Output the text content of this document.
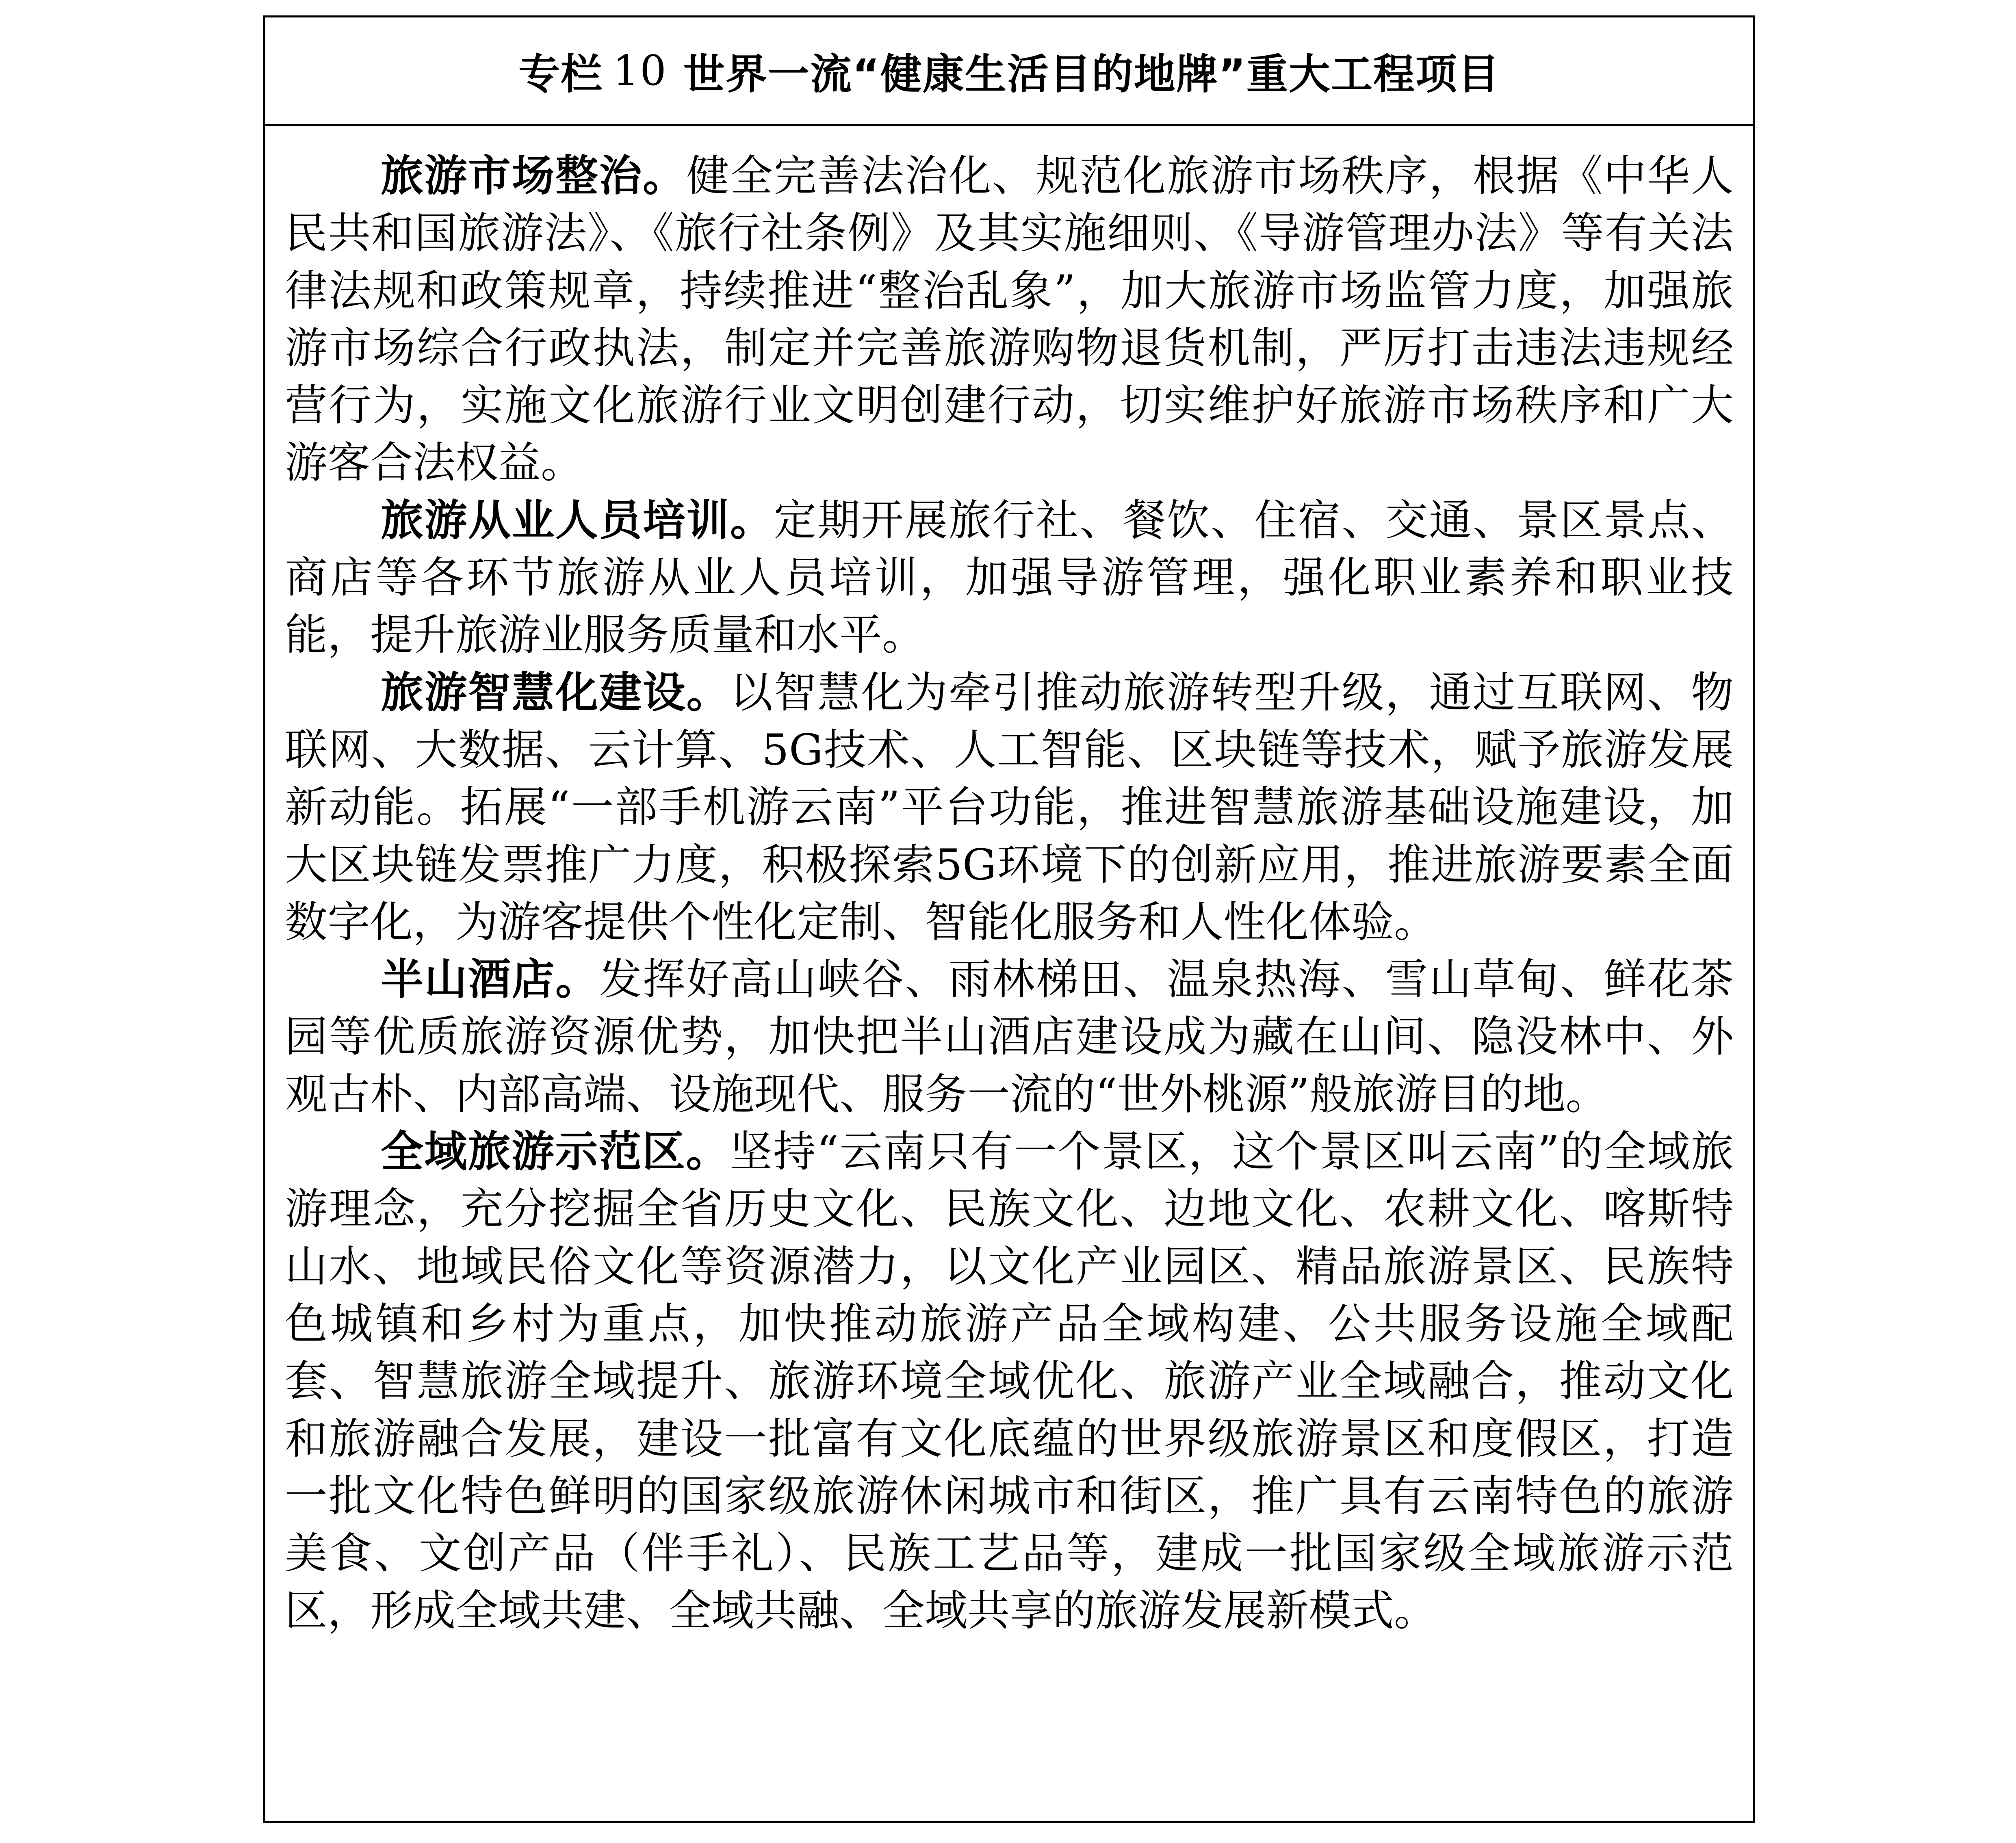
专栏 10 世界一流“健康生活目的地牌”重大工程项目

旅游市场整治。健全完善法治化、规范化旅游市场秩序，根据《中华人民共和国旅游法》、《旅行社条例》及其实施细则、《导游管理办法》等有关法律法规和政策规章，持续推进“整治乱象”，加大旅游市场监管力度，加强旅游市场综合行政执法，制定并完善旅游购物退货机制，严厉打击违法违规经营行为，实施文化旅游行业文明创建行动，切实维护好旅游市场秩序和广大游客合法权益。

旅游从业人员培训。定期开展旅行社、餐饮、住宿、交通、景区景点、商店等各环节旅游从业人员培训，加强导游管理，强化职业素养和职业技能，提升旅游业服务质量和水平。

旅游智慧化建设。以智慧化为牵引推动旅游转型升级，通过互联网、物联网、大数据、云计算、5G技术、人工智能、区块链等技术，赋予旅游发展新动能。拓展“一部手机游云南”平台功能，推进智慧旅游基础设施建设，加大区块链发票推广力度，积极探索5G环境下的创新应用，推进旅游要素全面数字化，为游客提供个性化定制、智能化服务和人性化体验。

半山酒店。发挥好高山峡谷、雨林梯田、温泉热海、雪山草甸、鲜花茶园等优质旅游资源优势，加快把半山酒店建设成为藏在山间、隐没林中、外观古朴、内部高端、设施现代、服务一流的“世外桃源”般旅游目的地。

全域旅游示范区。坚持“云南只有一个景区，这个景区叫云南”的全域旅游理念，充分挖掘全省历史文化、民族文化、边地文化、农耕文化、喀斯特山水、地域民俗文化等资源潜力，以文化产业园区、精品旅游景区、民族特色城镇和乡村为重点，加快推动旅游产品全域构建、公共服务设施全域配套、智慧旅游全域提升、旅游环境全域优化、旅游产业全域融合，推动文化和旅游融合发展，建设一批富有文化底蕴的世界级旅游景区和度假区，打造一批文化特色鲜明的国家级旅游休闲城市和街区，推广具有云南特色的旅游美食、文创产品（伴手礼）、民族工艺品等，建成一批国家级全域旅游示范区，形成全域共建、全域共融、全域共享的旅游发展新模式。
